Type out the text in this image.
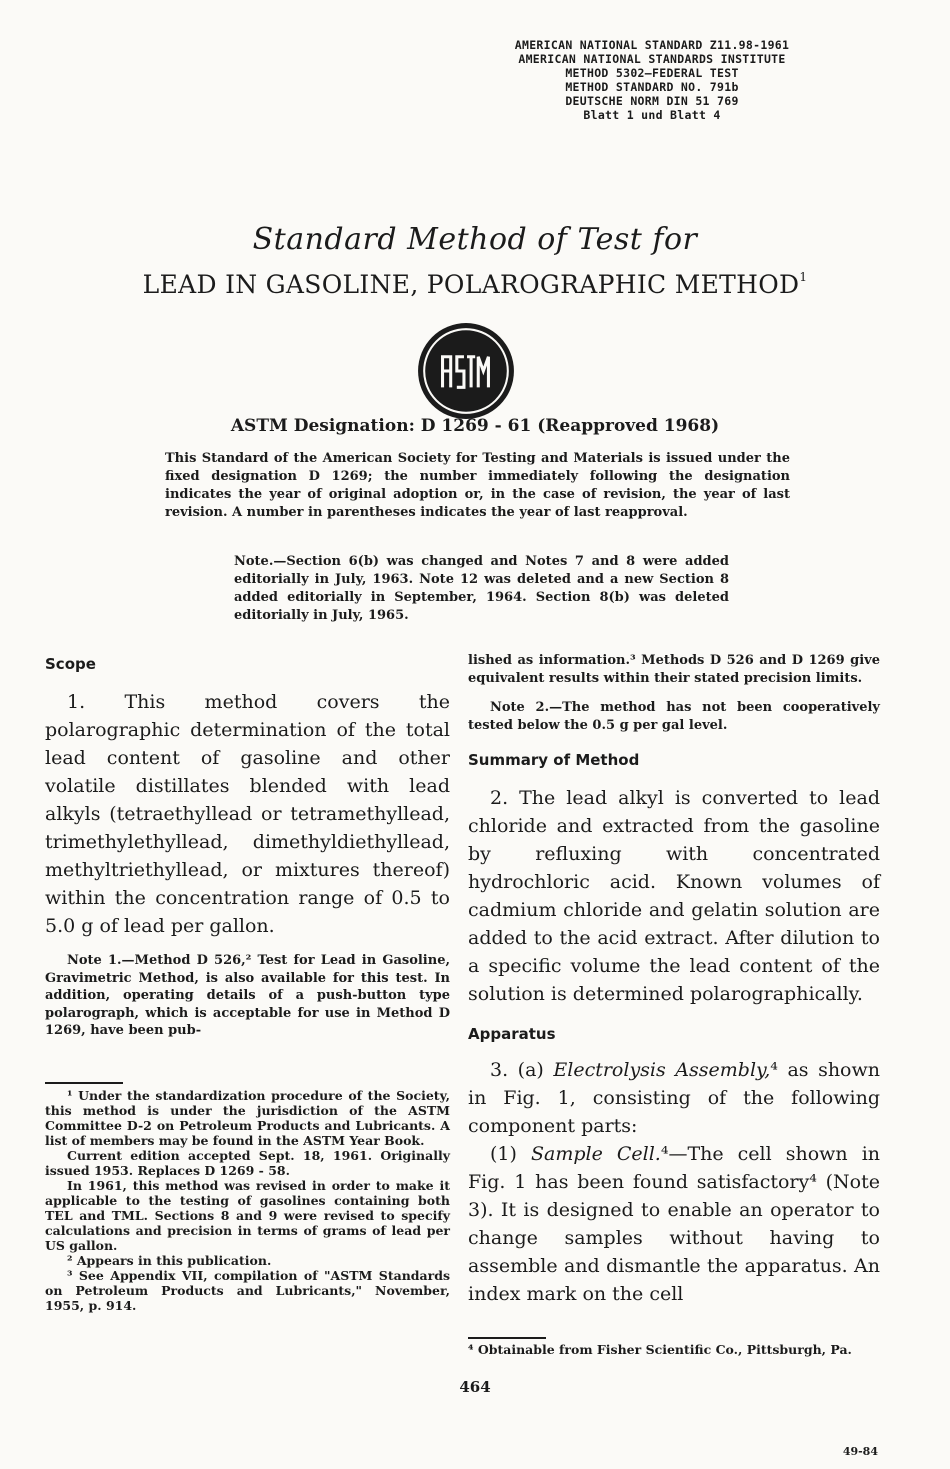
AMERICAN NATIONAL STANDARD Z11.98-1961
AMERICAN NATIONAL STANDARDS INSTITUTE
METHOD 5302—FEDERAL TEST
METHOD STANDARD NO. 791b
DEUTSCHE NORM DIN 51 769
Blatt 1 und Blatt 4
Standard Method of Test for
LEAD IN GASOLINE, POLAROGRAPHIC METHOD$^1$
ASTM Designation: D 1269 - 61 (Reapproved 1968)
This Standard of the American Society for Testing and Materials is issued under the fixed designation D 1269; the number immediately following the designation indicates the year of original adoption or, in the case of revision, the year of last revision. A number in parentheses indicates the year of last reapproval.
Note.—Section 6(b) was changed and Notes 7 and 8 were added editorially in July, 1963. Note 12 was deleted and a new Section 8 added editorially in September, 1964. Section 8(b) was deleted editorially in July, 1965.
Scope

1. This method covers the polarographic determination of the total lead content of gasoline and other volatile distillates blended with lead alkyls (tetraethyllead or tetramethyllead, trimethylethyllead, dimethyldiethyllead, methyltriethyllead, or mixtures thereof) within the concentration range of 0.5 to 5.0 g of lead per gallon.

Note 1.—Method D 526,² Test for Lead in Gasoline, Gravimetric Method, is also available for this test. In addition, operating details of a push-button type polarograph, which is acceptable for use in Method D 1269, have been pub-

¹ Under the standardization procedure of the Society, this method is under the jurisdiction of the ASTM Committee D-2 on Petroleum Products and Lubricants. A list of members may be found in the ASTM Year Book.

Current edition accepted Sept. 18, 1961. Originally issued 1953. Replaces D 1269 - 58.

In 1961, this method was revised in order to make it applicable to the testing of gasolines containing both TEL and TML. Sections 8 and 9 were revised to specify calculations and precision in terms of grams of lead per US gallon.

² Appears in this publication.

³ See Appendix VII, compilation of "ASTM Standards on Petroleum Products and Lubricants," November, 1955, p. 914.

lished as information.³ Methods D 526 and D 1269 give equivalent results within their stated precision limits.

Note 2.—The method has not been cooperatively tested below the 0.5 g per gal level.

Summary of Method

2. The lead alkyl is converted to lead chloride and extracted from the gasoline by refluxing with concentrated hydrochloric acid. Known volumes of cadmium chloride and gelatin solution are added to the acid extract. After dilution to a specific volume the lead content of the solution is determined polarographically.

Apparatus

3. (a) Electrolysis Assembly,⁴ as shown in Fig. 1, consisting of the following component parts:

(1) Sample Cell.⁴—The cell shown in Fig. 1 has been found satisfactory⁴ (Note 3). It is designed to enable an operator to change samples without having to assemble and dismantle the apparatus. An index mark on the cell

⁴ Obtainable from Fisher Scientific Co., Pittsburgh, Pa.
464
49-84
